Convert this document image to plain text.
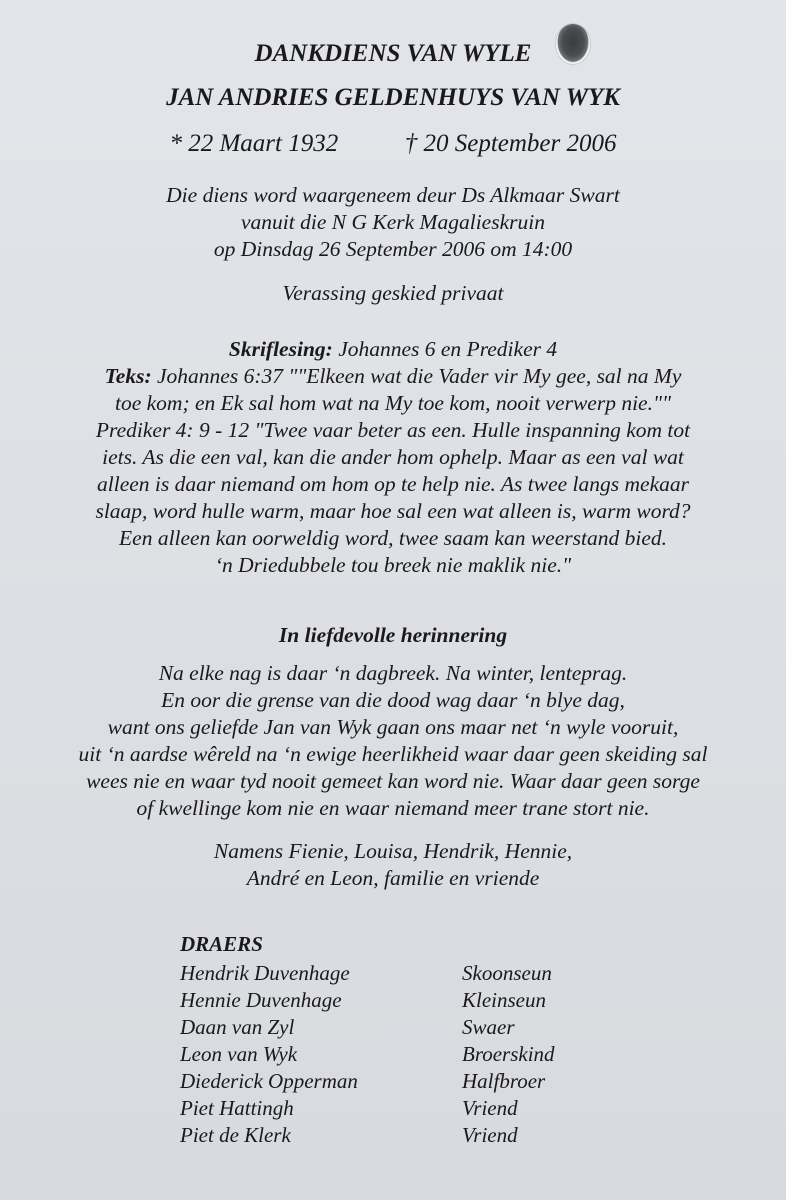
DANKDIENS VAN WYLE
JAN ANDRIES GELDENHUYS VAN WYK
* 22 Maart 1932	† 20 September 2006
Die diens word waargeneem deur Ds Alkmaar Swart
vanuit die N G Kerk Magalieskruin
op Dinsdag 26 September 2006 om 14:00
Verassing geskied privaat
Skriflesing: Johannes 6 en Prediker 4
Teks: Johannes 6:37 ""Elkeen wat die Vader vir My gee, sal na My
toe kom; en Ek sal hom wat na My toe kom, nooit verwerp nie.""
Prediker 4: 9 - 12 "Twee vaar beter as een. Hulle inspanning kom tot
iets. As die een val, kan die ander hom ophelp. Maar as een val wat
alleen is daar niemand om hom op te help nie. As twee langs mekaar
slaap, word hulle warm, maar hoe sal een wat alleen is, warm word?
Een alleen kan oorweldig word, twee saam kan weerstand bied.
‘n Driedubbele tou breek nie maklik nie."
In liefdevolle herinnering
Na elke nag is daar ‘n dagbreek. Na winter, lenteprag.
En oor die grense van die dood wag daar ‘n blye dag,
want ons geliefde Jan van Wyk gaan ons maar net ‘n wyle vooruit,
uit ‘n aardse wêreld na ‘n ewige heerlikheid waar daar geen skeiding sal
wees nie en waar tyd nooit gemeet kan word nie. Waar daar geen sorge
of kwellinge kom nie en waar niemand meer trane stort nie.
Namens Fienie, Louisa, Hendrik, Hennie,
André en Leon, familie en vriende
DRAERS
Hendrik Duvenhage	Skoonseun
Hennie Duvenhage	Kleinseun
Daan van Zyl	Swaer
Leon van Wyk	Broerskind
Diederick Opperman	Halfbroer
Piet Hattingh	Vriend
Piet de Klerk	Vriend
